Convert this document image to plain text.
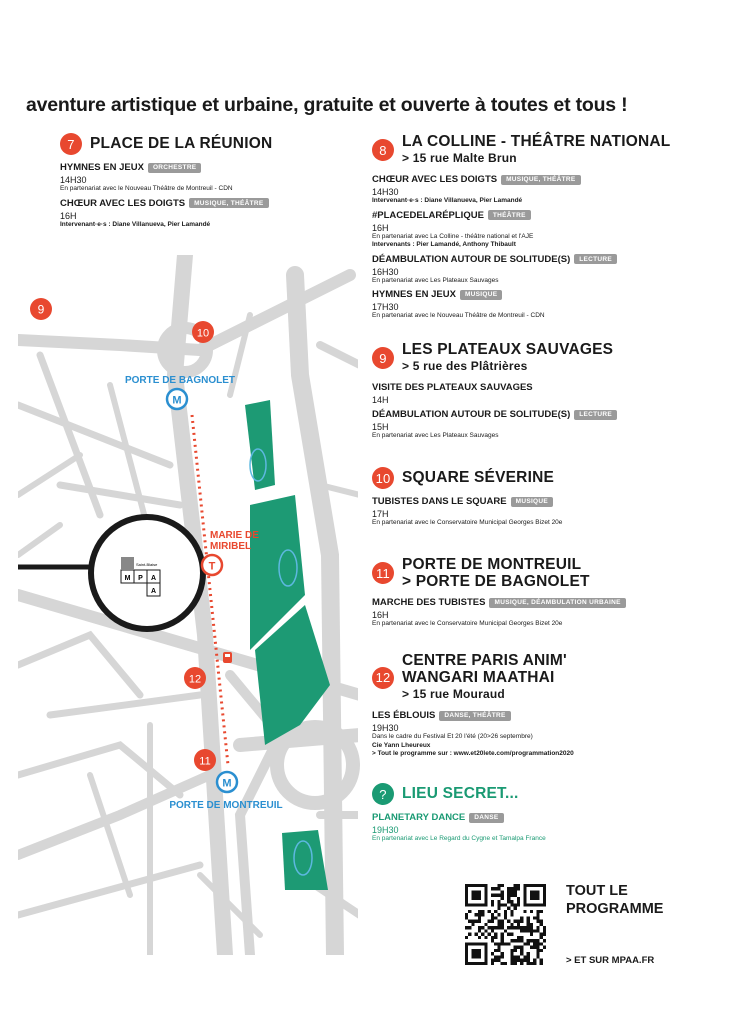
aventure artistique et urbaine, gratuite et ouverte à toutes et tous !
7 PLACE DE LA RÉUNION
HYMNES EN JEUX	ORCHESTRE
14H30
En partenariat avec le Nouveau Théâtre de Montreuil - CDN
CHŒUR AVEC LES DOIGTS	MUSIQUE, THÉÂTRE
16H
Intervenant·e·s : Diane Villanueva, Pier Lamandé
8 LA COLLINE - THÉÂTRE NATIONAL
> 15 rue Malte Brun
CHŒUR AVEC LES DOIGTS	MUSIQUE, THÉÂTRE
14H30
Intervenant·e·s : Diane Villanueva, Pier Lamandé
#PLACEDELARÉPLIQUE	THÉÂTRE
16H
En partenariat avec La Colline - théâtre national et l'AJE
Intervenants : Pier Lamandé, Anthony Thibault
DÉAMBULATION AUTOUR DE SOLITUDE(S)	LECTURE
16H30
En partenariat avec Les Plateaux Sauvages
HYMNES EN JEUX	MUSIQUE
17H30
En partenariat avec le Nouveau Théâtre de Montreuil - CDN
9 LES PLATEAUX SAUVAGES
> 5 rue des Plâtrières
VISITE DES PLATEAUX SAUVAGES
14H
DÉAMBULATION AUTOUR DE SOLITUDE(S)	LECTURE
15H
En partenariat avec Les Plateaux Sauvages
10 SQUARE SÉVERINE
TUBISTES DANS LE SQUARE	MUSIQUE
17H
En partenariat avec le Conservatoire Municipal Georges Bizet 20e
11 PORTE DE MONTREUIL
> PORTE DE BAGNOLET
MARCHE DES TUBISTES	MUSIQUE, DÉAMBULATION URBAINE
16H
En partenariat avec le Conservatoire Municipal Georges Bizet 20e
12
CENTRE PARIS ANIM'
WANGARI MAATHAI
> 15 rue Mouraud
LES ÉBLOUIS	DANSE, THÉÂTRE
19H30
Dans le cadre du Festival Et 20 l'été (20>26 septembre)
Cie Yann Lheureux
> Tout le programme sur : www.et20lete.com/programmation2020
? LIEU SECRET...
PLANETARY DANCE	DANSE
19H30
En partenariat avec Le Regard du Cygne et Tamalpa France
M P A
A
Saint-Blaise
M
M
T
PORTE DE BAGNOLET
PORTE DE MONTREUIL
MARIE DE
MIRIBEL
9
10
12
11
TOUT LE
PROGRAMME
> ET SUR MPAA.FR
